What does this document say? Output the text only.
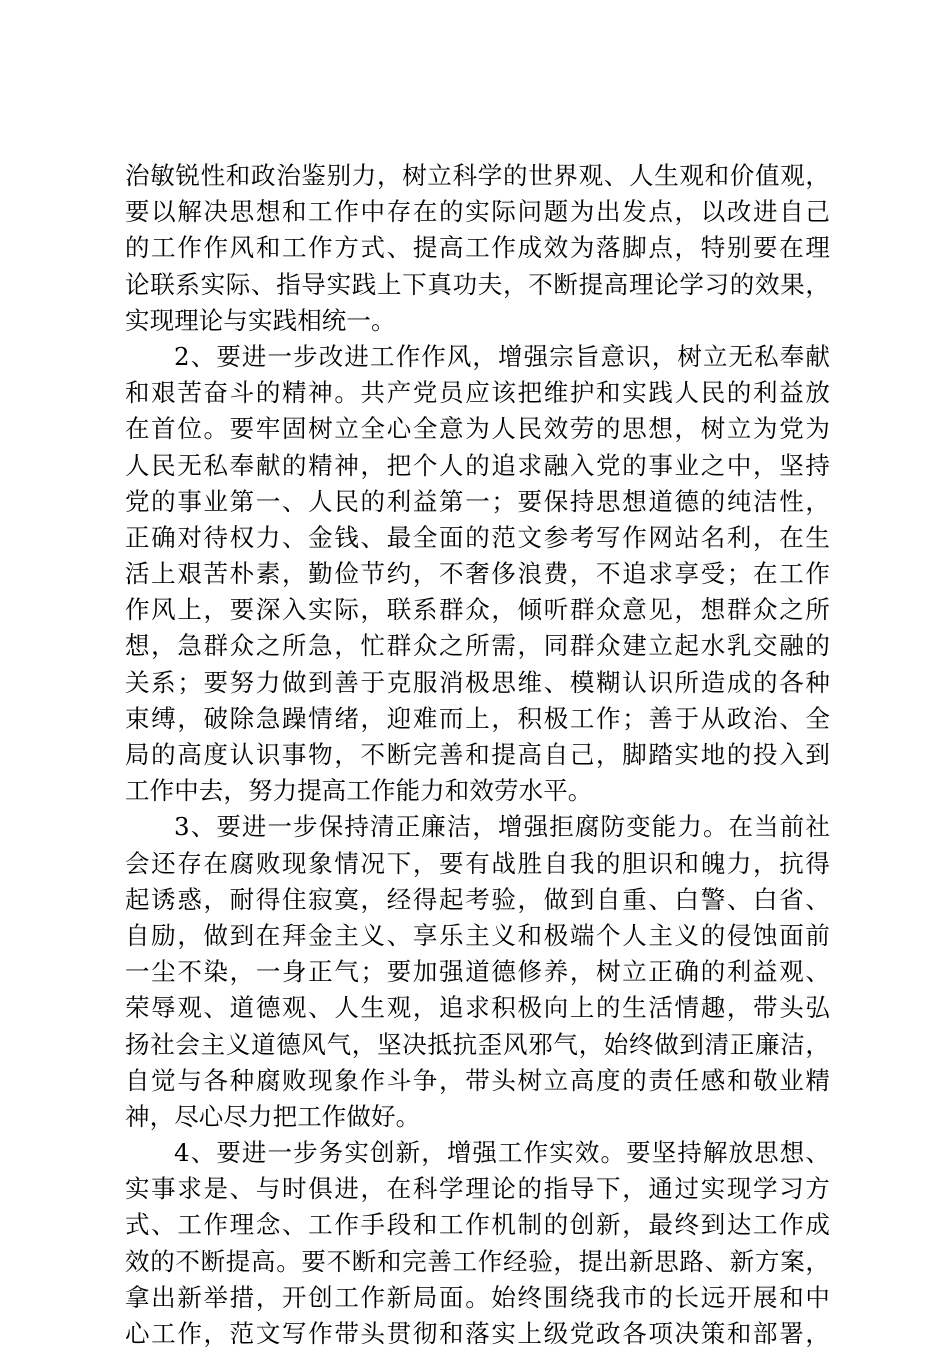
治敏锐性和政治鉴别力，树立科学的世界观、人生观和价值观，
要以解决思想和工作中存在的实际问题为出发点，以改进自己
的工作作风和工作方式、提高工作成效为落脚点，特别要在理
论联系实际、指导实践上下真功夫，不断提高理论学习的效果，
实现理论与实践相统一。
2、要进一步改进工作作风，增强宗旨意识，树立无私奉献
和艰苦奋斗的精神。共产党员应该把维护和实践人民的利益放
在首位。要牢固树立全心全意为人民效劳的思想，树立为党为
人民无私奉献的精神，把个人的追求融入党的事业之中，坚持
党的事业第一、人民的利益第一；要保持思想道德的纯洁性，
正确对待权力、金钱、最全面的范文参考写作网站名利，在生
活上艰苦朴素，勤俭节约，不奢侈浪费，不追求享受；在工作
作风上，要深入实际，联系群众，倾听群众意见，想群众之所
想，急群众之所急，忙群众之所需，同群众建立起水乳交融的
关系；要努力做到善于克服消极思维、模糊认识所造成的各种
束缚，破除急躁情绪，迎难而上，积极工作；善于从政治、全
局的高度认识事物，不断完善和提高自己，脚踏实地的投入到
工作中去，努力提高工作能力和效劳水平。
3、要进一步保持清正廉洁，增强拒腐防变能力。在当前社
会还存在腐败现象情况下，要有战胜自我的胆识和魄力，抗得
起诱惑，耐得住寂寞，经得起考验，做到自重、白警、白省、
自励，做到在拜金主义、享乐主义和极端个人主义的侵蚀面前
一尘不染，一身正气；要加强道德修养，树立正确的利益观、
荣辱观、道德观、人生观，追求积极向上的生活情趣，带头弘
扬社会主义道德风气，坚决抵抗歪风邪气，始终做到清正廉洁，
自觉与各种腐败现象作斗争，带头树立高度的责任感和敬业精
神，尽心尽力把工作做好。
4、要进一步务实创新，增强工作实效。要坚持解放思想、
实事求是、与时俱进，在科学理论的指导下，通过实现学习方
式、工作理念、工作手段和工作机制的创新，最终到达工作成
效的不断提高。要不断和完善工作经验，提出新思路、新方案，
拿出新举措，开创工作新局面。始终围绕我市的长远开展和中
心工作，范文写作带头贯彻和落实上级党政各项决策和部署，
